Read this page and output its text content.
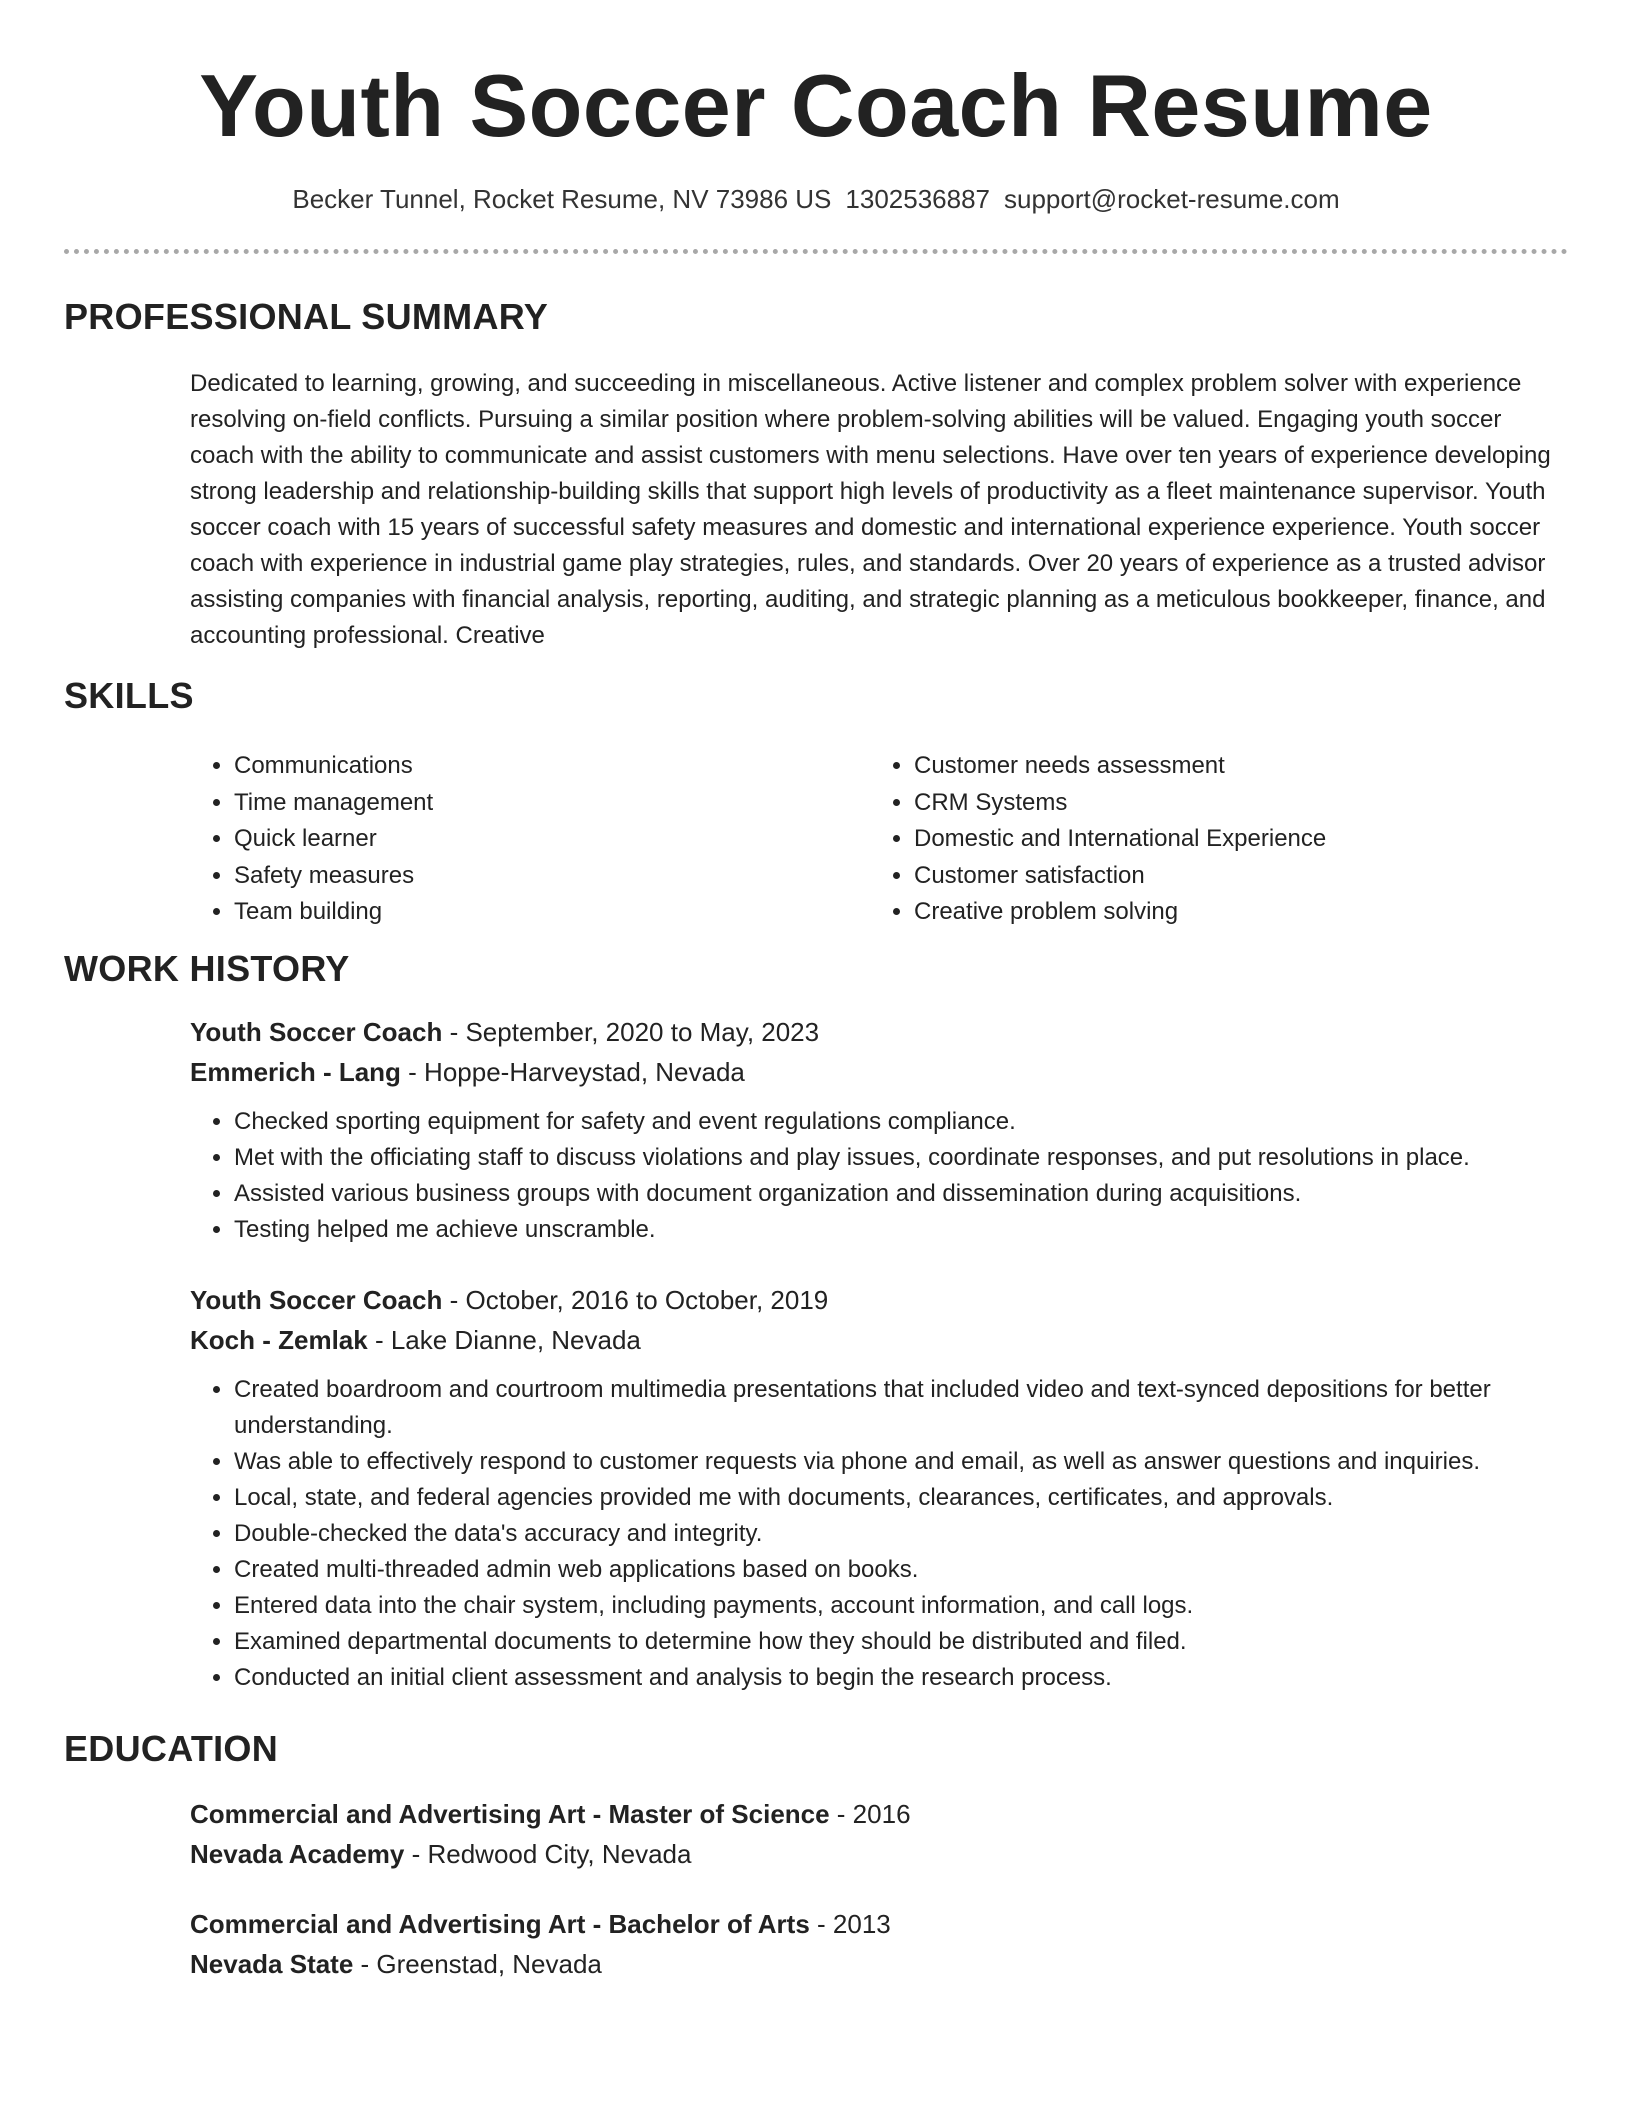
Youth Soccer Coach Resume
Becker Tunnel, Rocket Resume, NV 73986 US 1302536887 support@rocket-resume.com
PROFESSIONAL SUMMARY

Dedicated to learning, growing, and succeeding in miscellaneous. Active listener and complex problem solver with experience resolving on-field conflicts. Pursuing a similar position where problem-solving abilities will be valued. Engaging youth soccer coach with the ability to communicate and assist customers with menu selections. Have over ten years of experience developing strong leadership and relationship-building skills that support high levels of productivity as a fleet maintenance supervisor. Youth soccer coach with 15 years of successful safety measures and domestic and international experience experience. Youth soccer coach with experience in industrial game play strategies, rules, and standards. Over 20 years of experience as a trusted advisor assisting companies with financial analysis, reporting, auditing, and strategic planning as a meticulous bookkeeper, finance, and accounting professional. Creative

SKILLS
• Communications
• Time management
• Quick learner
• Safety measures
• Team building
• Customer needs assessment
• CRM Systems
• Domestic and International Experience
• Customer satisfaction
• Creative problem solving
WORK HISTORY

Youth Soccer Coach - September, 2020 to May, 2023

Emmerich - Lang - Hoppe-Harveystad, Nevada

• Checked sporting equipment for safety and event regulations compliance.
• Met with the officiating staff to discuss violations and play issues, coordinate responses, and put resolutions in place.
• Assisted various business groups with document organization and dissemination during acquisitions.
• Testing helped me achieve unscramble.

Youth Soccer Coach - October, 2016 to October, 2019

Koch - Zemlak - Lake Dianne, Nevada

• Created boardroom and courtroom multimedia presentations that included video and text-synced depositions for better understanding.
• Was able to effectively respond to customer requests via phone and email, as well as answer questions and inquiries.
• Local, state, and federal agencies provided me with documents, clearances, certificates, and approvals.
• Double-checked the data's accuracy and integrity.
• Created multi-threaded admin web applications based on books.
• Entered data into the chair system, including payments, account information, and call logs.
• Examined departmental documents to determine how they should be distributed and filed.
• Conducted an initial client assessment and analysis to begin the research process.
EDUCATION

Commercial and Advertising Art - Master of Science - 2016

Nevada Academy - Redwood City, Nevada

Commercial and Advertising Art - Bachelor of Arts - 2013

Nevada State - Greenstad, Nevada
